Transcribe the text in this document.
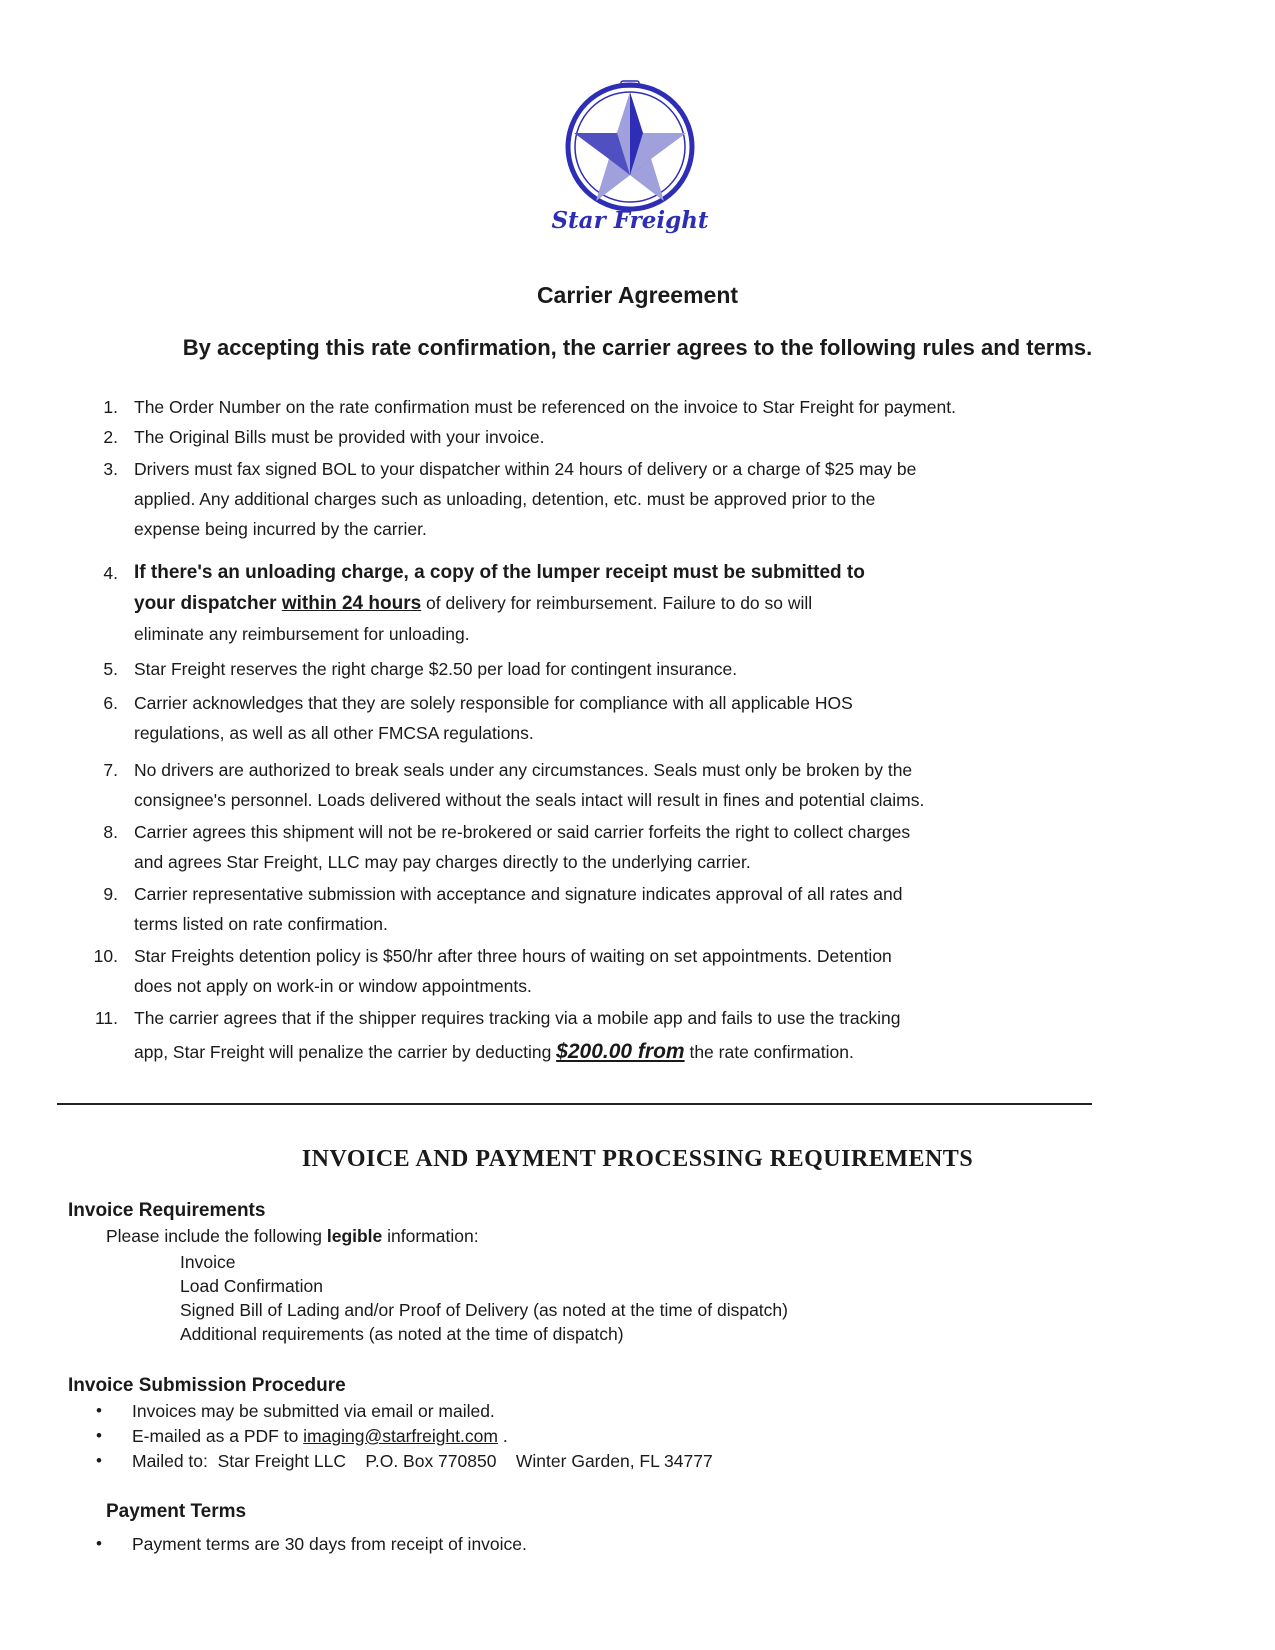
Star Freight
Carrier Agreement
By accepting this rate confirmation, the carrier agrees to the following rules and terms.
1. The Order Number on the rate confirmation must be referenced on the invoice to Star Freight for payment.
2. The Original Bills must be provided with your invoice.
3. Drivers must fax signed BOL to your dispatcher within 24 hours of delivery or a charge of $25 may be
applied. Any additional charges such as unloading, detention, etc. must be approved prior to the
expense being incurred by the carrier.
4. If there's an unloading charge, a copy of the lumper receipt must be submitted to
your dispatcher within 24 hours of delivery for reimbursement. Failure to do so will
eliminate any reimbursement for unloading.
5. Star Freight reserves the right charge $2.50 per load for contingent insurance.
6. Carrier acknowledges that they are solely responsible for compliance with all applicable HOS
regulations, as well as all other FMCSA regulations.
7. No drivers are authorized to break seals under any circumstances. Seals must only be broken by the
consignee's personnel. Loads delivered without the seals intact will result in fines and potential claims.
8. Carrier agrees this shipment will not be re-brokered or said carrier forfeits the right to collect charges
and agrees Star Freight, LLC may pay charges directly to the underlying carrier.
9. Carrier representative submission with acceptance and signature indicates approval of all rates and
terms listed on rate confirmation.
10. Star Freights detention policy is $50/hr after three hours of waiting on set appointments. Detention
does not apply on work-in or window appointments.
11. The carrier agrees that if the shipper requires tracking via a mobile app and fails to use the tracking
app, Star Freight will penalize the carrier by deducting $200.00 from the rate confirmation.
INVOICE AND PAYMENT PROCESSING REQUIREMENTS
Invoice Requirements
Please include the following legible information:
Invoice
Load Confirmation
Signed Bill of Lading and/or Proof of Delivery (as noted at the time of dispatch)
Additional requirements (as noted at the time of dispatch)
Invoice Submission Procedure
• Invoices may be submitted via email or mailed.
• E-mailed as a PDF to imaging@starfreight.com .
• Mailed to:  Star Freight LLC    P.O. Box 770850    Winter Garden, FL 34777
Payment Terms
• Payment terms are 30 days from receipt of invoice.
